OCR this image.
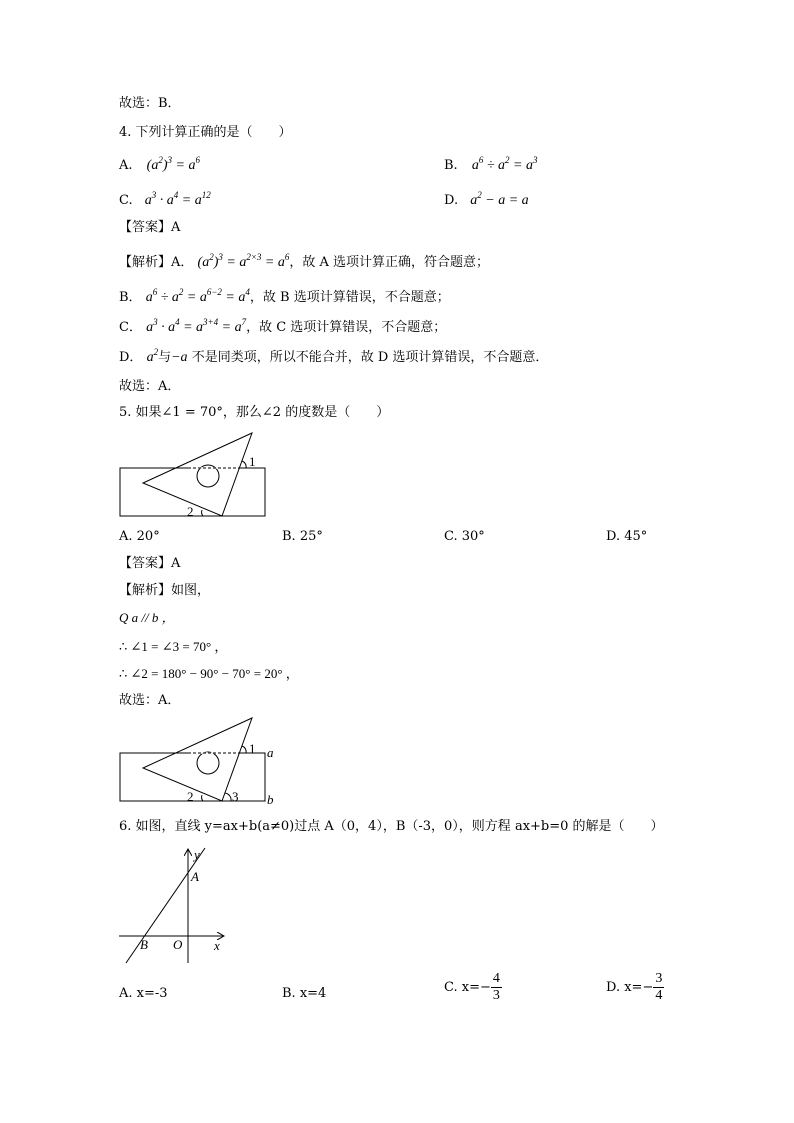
故选：B．
4. 下列计算正确的是（　　）
A. $(a^2)^3 = a^6$	B. $a^6 \div a^2 = a^3$
C. $a^3 \cdot a^4 = a^{12}$	D. $a^2 - a = a$
【答案】A
【解析】A． $(a^2)^3 = a^{2\times 3} = a^6$，故 A 选项计算正确，符合题意；
B． $a^6 \div a^2 = a^{6-2} = a^4$，故 B 选项计算错误，不合题意；
C． $a^3 \cdot a^4 = a^{3+4} = a^7$，故 C 选项计算错误，不合题意；
D． $a^2$与−a 不是同类项，所以不能合并，故 D 选项计算错误，不合题意．
故选：A．
5. 如果∠1 = 70°，那么∠2 的度数是（　　）
1
2
A. 20°	B. 25°	C. 30°	D. 45°
【答案】A
【解析】如图，
Q a // b ，
∴ ∠1 = ∠3 = 70° ，
∴ ∠2 = 180° − 90° − 70° = 20° ，
故选：A．
1
2	3
a
b
6. 如图，直线 y=ax+b(a≠0)过点 A（0，4），B（-3，0），则方程 ax+b=0 的解是（　　）
y
x
A
B O
A. x=-3	B. x=4	C. $x=- \frac{4}{3}$	D. $x=- \frac{3}{4}$
